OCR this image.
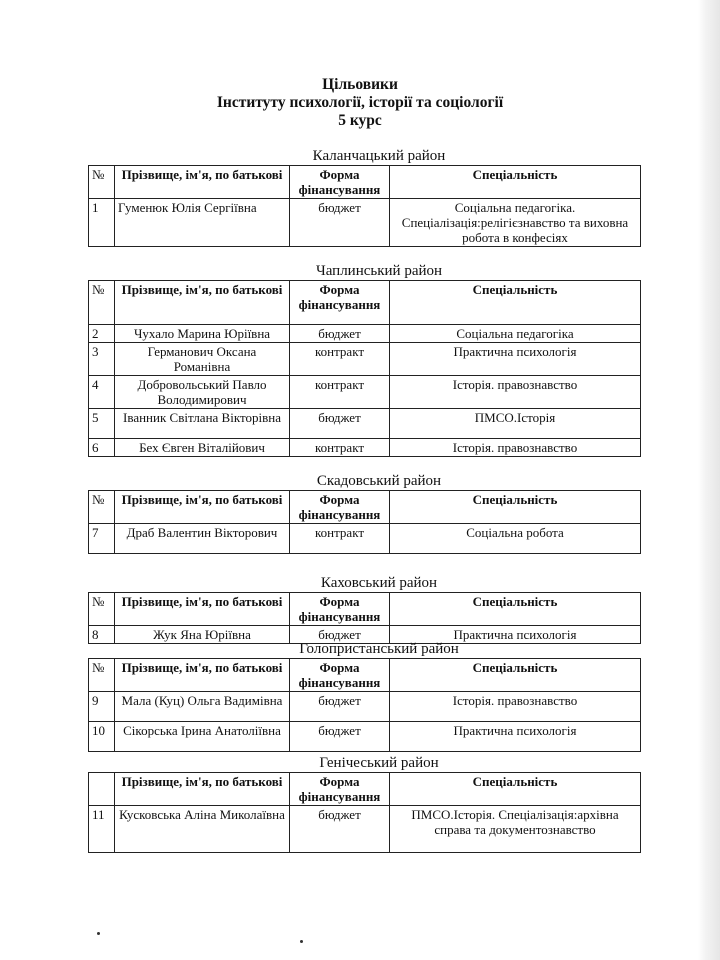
Цільовики
Інституту психології, історії та соціології
5 курс
Каланчацький район
№	Прізвище, ім'я, по батькові	Форма фінансування	Спеціальність
1	Гуменюк Юлія Сергіївна	бюджет	Соціальна педагогіка. Спеціалізація:релігієзнавство та виховна робота в конфесіях
Чаплинський район
№	Прізвище, ім'я, по батькові	Форма фінансування	Спеціальність
2	Чухало Марина Юріївна	бюджет	Соціальна педагогіка
3	Германович Оксана Романівна	контракт	Практична психологія
4	Добровольський Павло Володимирович	контракт	Історія. правознавство
5	Іванник Світлана Вікторівна	бюджет	ПМСО.Історія
6	Бех Євген Віталійович	контракт	Історія. правознавство
Скадовський район
№	Прізвище, ім'я, по батькові	Форма фінансування	Спеціальність
7	Драб Валентин Вікторович	контракт	Соціальна робота
Каховський район
№	Прізвище, ім'я, по батькові	Форма фінансування	Спеціальність
8	Жук Яна Юріївна	бюджет	Практична психологія
Голопристанський район
№	Прізвище, ім'я, по батькові	Форма фінансування	Спеціальність
9	Мала (Куц) Ольга Вадимівна	бюджет	Історія. правознавство
10	Сікорська Ірина Анатоліївна	бюджет	Практична психологія
Генічеський район
	Прізвище, ім'я, по батькові	Форма фінансування	Спеціальність
11	Кусковська Аліна Миколаївна	бюджет	ПМСО.Історія. Спеціалізація:архівна справа та документознавство
